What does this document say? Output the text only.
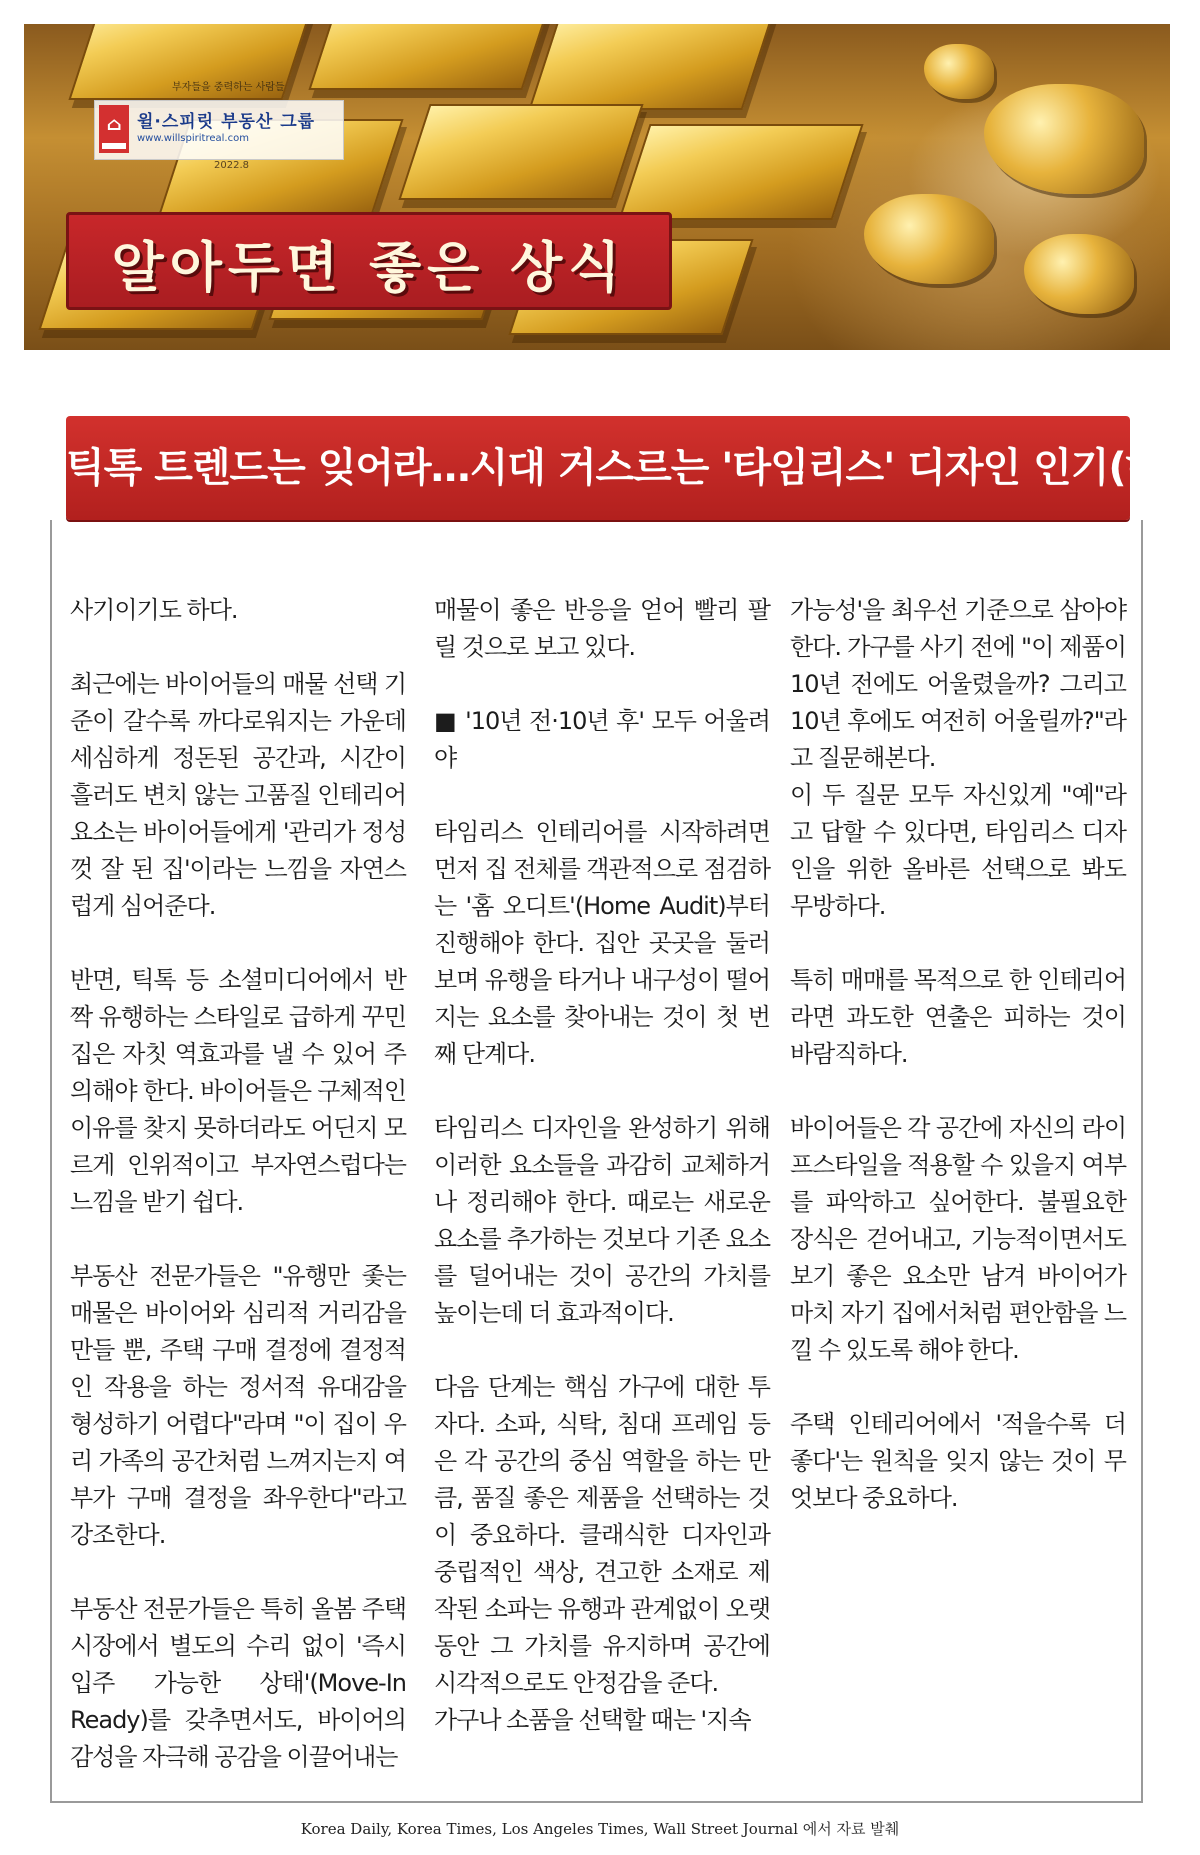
부자들을 중력하는 사람들
⌂ 윌·스피릿 부동산 그룹
www.willspiritreal.com
2022.8
알아두면 좋은 상식
틱톡 트렌드는 잊어라…시대 거스르는 '타임리스' 디자인 인기(하)

사기이기도 하다.

최근에는 바이어들의 매물 선택 기준이 갈수록 까다로워지는 가운데 세심하게 정돈된 공간과, 시간이 흘러도 변치 않는 고품질 인테리어 요소는 바이어들에게 '관리가 정성껏 잘 된 집'이라는 느낌을 자연스럽게 심어준다.

반면, 틱톡 등 소셜미디어에서 반짝 유행하는 스타일로 급하게 꾸민 집은 자칫 역효과를 낼 수 있어 주의해야 한다. 바이어들은 구체적인 이유를 찾지 못하더라도 어딘지 모르게 인위적이고 부자연스럽다는 느낌을 받기 쉽다.

부동산 전문가들은 "유행만 좇는 매물은 바이어와 심리적 거리감을 만들 뿐, 주택 구매 결정에 결정적인 작용을 하는 정서적 유대감을 형성하기 어렵다"라며 "이 집이 우리 가족의 공간처럼 느껴지는지 여부가 구매 결정을 좌우한다"라고 강조한다.

부동산 전문가들은 특히 올봄 주택 시장에서 별도의 수리 없이 '즉시 입주 가능한 상태'(Move-In Ready)를 갖추면서도, 바이어의 감성을 자극해 공감을 이끌어내는

매물이 좋은 반응을 얻어 빨리 팔릴 것으로 보고 있다.

■ '10년 전·10년 후' 모두 어울려야

타임리스 인테리어를 시작하려면 먼저 집 전체를 객관적으로 점검하는 '홈 오디트'(Home Audit)부터 진행해야 한다. 집안 곳곳을 둘러보며 유행을 타거나 내구성이 떨어지는 요소를 찾아내는 것이 첫 번째 단계다.

타임리스 디자인을 완성하기 위해 이러한 요소들을 과감히 교체하거나 정리해야 한다. 때로는 새로운 요소를 추가하는 것보다 기존 요소를 덜어내는 것이 공간의 가치를 높이는데 더 효과적이다.

다음 단계는 핵심 가구에 대한 투자다. 소파, 식탁, 침대 프레임 등은 각 공간의 중심 역할을 하는 만큼, 품질 좋은 제품을 선택하는 것이 중요하다. 클래식한 디자인과 중립적인 색상, 견고한 소재로 제작된 소파는 유행과 관계없이 오랫동안 그 가치를 유지하며 공간에 시각적으로도 안정감을 준다.

가구나 소품을 선택할 때는 '지속

가능성'을 최우선 기준으로 삼아야 한다. 가구를 사기 전에 "이 제품이 10년 전에도 어울렸을까? 그리고 10년 후에도 여전히 어울릴까?"라고 질문해본다.

이 두 질문 모두 자신있게 "예"라고 답할 수 있다면, 타임리스 디자인을 위한 올바른 선택으로 봐도 무방하다.

특히 매매를 목적으로 한 인테리어라면 과도한 연출은 피하는 것이 바람직하다.

바이어들은 각 공간에 자신의 라이프스타일을 적용할 수 있을지 여부를 파악하고 싶어한다. 불필요한 장식은 걷어내고, 기능적이면서도 보기 좋은 요소만 남겨 바이어가 마치 자기 집에서처럼 편안함을 느낄 수 있도록 해야 한다.

주택 인테리어에서 '적을수록 더 좋다'는 원칙을 잊지 않는 것이 무엇보다 중요하다.

Korea Daily, Korea Times, Los Angeles Times, Wall Street Journal 에서 자료 발췌
